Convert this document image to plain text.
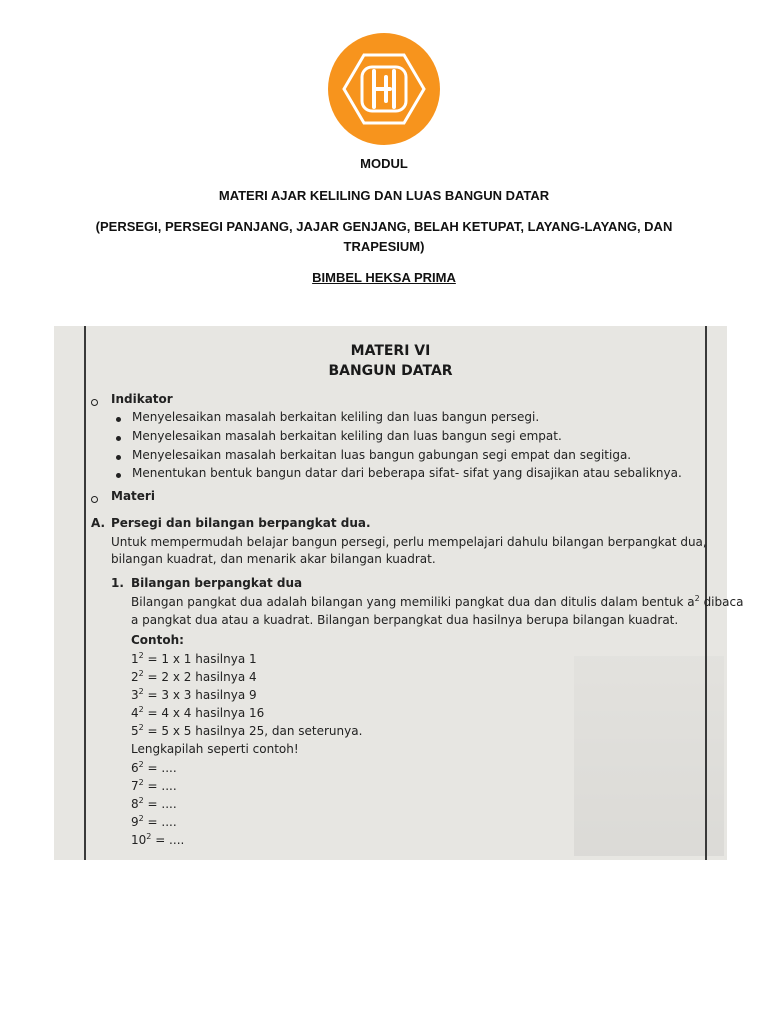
MODUL

MATERI AJAR KELILING DAN LUAS BANGUN DATAR

(PERSEGI, PERSEGI PANJANG, JAJAR GENJANG, BELAH KETUPAT, LAYANG-LAYANG, DAN

TRAPESIUM)

BIMBEL HEKSA PRIMA

MATERI VI

BANGUN DATAR

Indikator

Menyelesaikan masalah berkaitan keliling dan luas bangun persegi.

Menyelesaikan masalah berkaitan keliling dan luas bangun segi empat.

Menyelesaikan masalah berkaitan luas bangun gabungan segi empat dan segitiga.

Menentukan bentuk bangun datar dari beberapa sifat- sifat yang disajikan atau sebaliknya.

Materi

A. Persegi dan bilangan berpangkat dua.

Untuk mempermudah belajar bangun persegi, perlu mempelajari dahulu bilangan berpangkat dua,

bilangan kuadrat, dan menarik akar bilangan kuadrat.

1. Bilangan berpangkat dua

Bilangan pangkat dua adalah bilangan yang memiliki pangkat dua dan ditulis dalam bentuk $a^2$ dibaca

a pangkat dua atau a kuadrat. Bilangan berpangkat dua hasilnya berupa bilangan kuadrat.

Contoh:

$1^2 = 1$ x 1 hasilnya 1

$2^2 = 2$ x 2 hasilnya 4

$3^2 = 3$ x 3 hasilnya 9

$4^2 = 4$ x 4 hasilnya 16

$5^2 = 5$ x 5 hasilnya 25, dan seterunya.

Lengkapilah seperti contoh!

$6^2$ = ....

$7^2$ = ....

$8^2$ = ....

$9^2$ = ....

$10^2$ = ....
